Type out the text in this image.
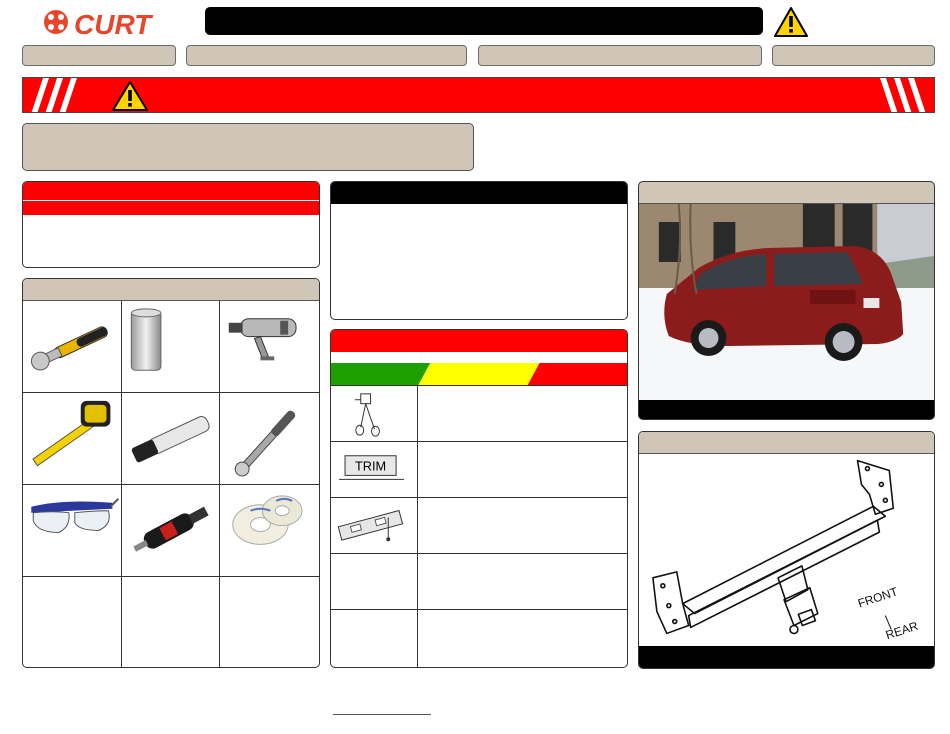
CURT
TRIM
FRONT
REAR
